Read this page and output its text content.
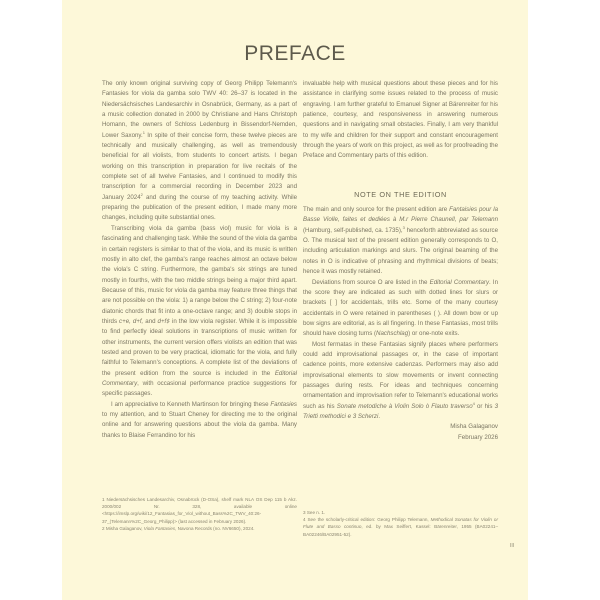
PREFACE

The only known original surviving copy of Georg Philipp Telemann's Fantasies for viola da gamba solo TWV 40: 26–37 is located in the Niedersächsisches Landesarchiv in Osnabrück, Germany, as a part of a music collection donated in 2000 by Christiane and Hans Christoph Homann, the owners of Schloss Ledenburg in Bissendorf-Nemden, Lower Saxony.$^1$ In spite of their concise form, these twelve pieces are technically and musically challenging, as well as tremendously beneficial for all violists, from students to concert artists. I began working on this transcription in preparation for live recitals of the complete set of all twelve Fantasies, and I continued to modify this transcription for a commercial recording in December 2023 and January 2024$^2$ and during the course of my teaching activity. While preparing the publication of the present edition, I made many more changes, including quite substantial ones.

Transcribing viola da gamba (bass viol) music for viola is a fascinating and challenging task. While the sound of the viola da gamba in certain registers is similar to that of the viola, and its music is written mostly in alto clef, the gamba's range reaches almost an octave below the viola's C string. Furthermore, the gamba's six strings are tuned mostly in fourths, with the two middle strings being a major third apart. Because of this, music for viola da gamba may feature three things that are not possible on the viola: 1) a range below the C string; 2) four-note diatonic chords that fit into a one-octave range; and 3) double stops in thirds c+e, d+f, and d+f♯ in the low viola register. While it is impossible to find perfectly ideal solutions in transcriptions of music written for other instruments, the current version offers violists an edition that was tested and proven to be very practical, idiomatic for the viola, and fully faithful to Telemann's conceptions. A complete list of the deviations of the present edition from the source is included in the Editorial Commentary, with occasional performance practice suggestions for specific passages.

I am appreciative to Kenneth Martinson for bringing these Fantasies to my attention, and to Stuart Cheney for directing me to the original online and for answering questions about the viola da gamba. Many thanks to Blaise Ferrandino for his

invaluable help with musical questions about these pieces and for his assistance in clarifying some issues related to the process of music engraving. I am further grateful to Emanuel Signer at Bärenreiter for his patience, courtesy, and responsiveness in answering numerous questions and in navigating small obstacles. Finally, I am very thankful to my wife and children for their support and constant encouragement through the years of work on this project, as well as for proofreading the Preface and Commentary parts of this edition.

NOTE ON THE EDITION

The main and only source for the present edition are Fantaisies pour la Basse Violle, faites et dediées à M.r Pierre Chaunell, par Telemann (Hamburg, self-published, ca. 1735),$^3$ henceforth abbreviated as source O. The musical text of the present edition generally corresponds to O, including articulation markings and slurs. The original beaming of the notes in O is indicative of phrasing and rhythmical divisions of beats; hence it was mostly retained.

Deviations from source O are listed in the Editorial Commentary. In the score they are indicated as such with dotted lines for slurs or brackets [ ] for accidentals, trills etc. Some of the many courtesy accidentals in O were retained in parentheses ( ). All down bow or up bow signs are editorial, as is all fingering. In these Fantasias, most trills should have closing turns (Nachschlag) or one-note exits.

Most fermatas in these Fantasias signify places where performers could add improvisational passages or, in the case of important cadence points, more extensive cadenzas. Performers may also add improvisational elements to slow movements or invent connecting passages during rests. For ideas and techniques concerning ornamentation and improvisation refer to Telemann's educational works such as his Sonate metodiche à Violin Solo ò Flauto traverso$^4$ or his 3 Trietti methodici e 3 Scherzi.

Misha Galaganov
February 2026
1 Niedersächsisches Landesarchiv, Osnabrück (D-OSa), shelf mark NLA OS Dep 115 b Akz. 2000/002 Nr. 328, available online <https://imslp.org/wiki/12_Fantasias_for_Viol_without_Bass%2C_TWV_40:26-37_(Telemann%2C_Georg_Philipp)> (last accessed in February 2026).
2 Misha Galaganov, Viola Fantasies, Navona Records (no. NV6650), 2024.
3 See n. 1.
4 See the scholarly-critical edition: Georg Philipp Telemann, Methodical Sonatas for Violin or Flute and Basso continuo, ed. by Max Seiffert, Kassel: Bärenreiter, 1955 (BA02241–BA02246/BA02951-52).
III
